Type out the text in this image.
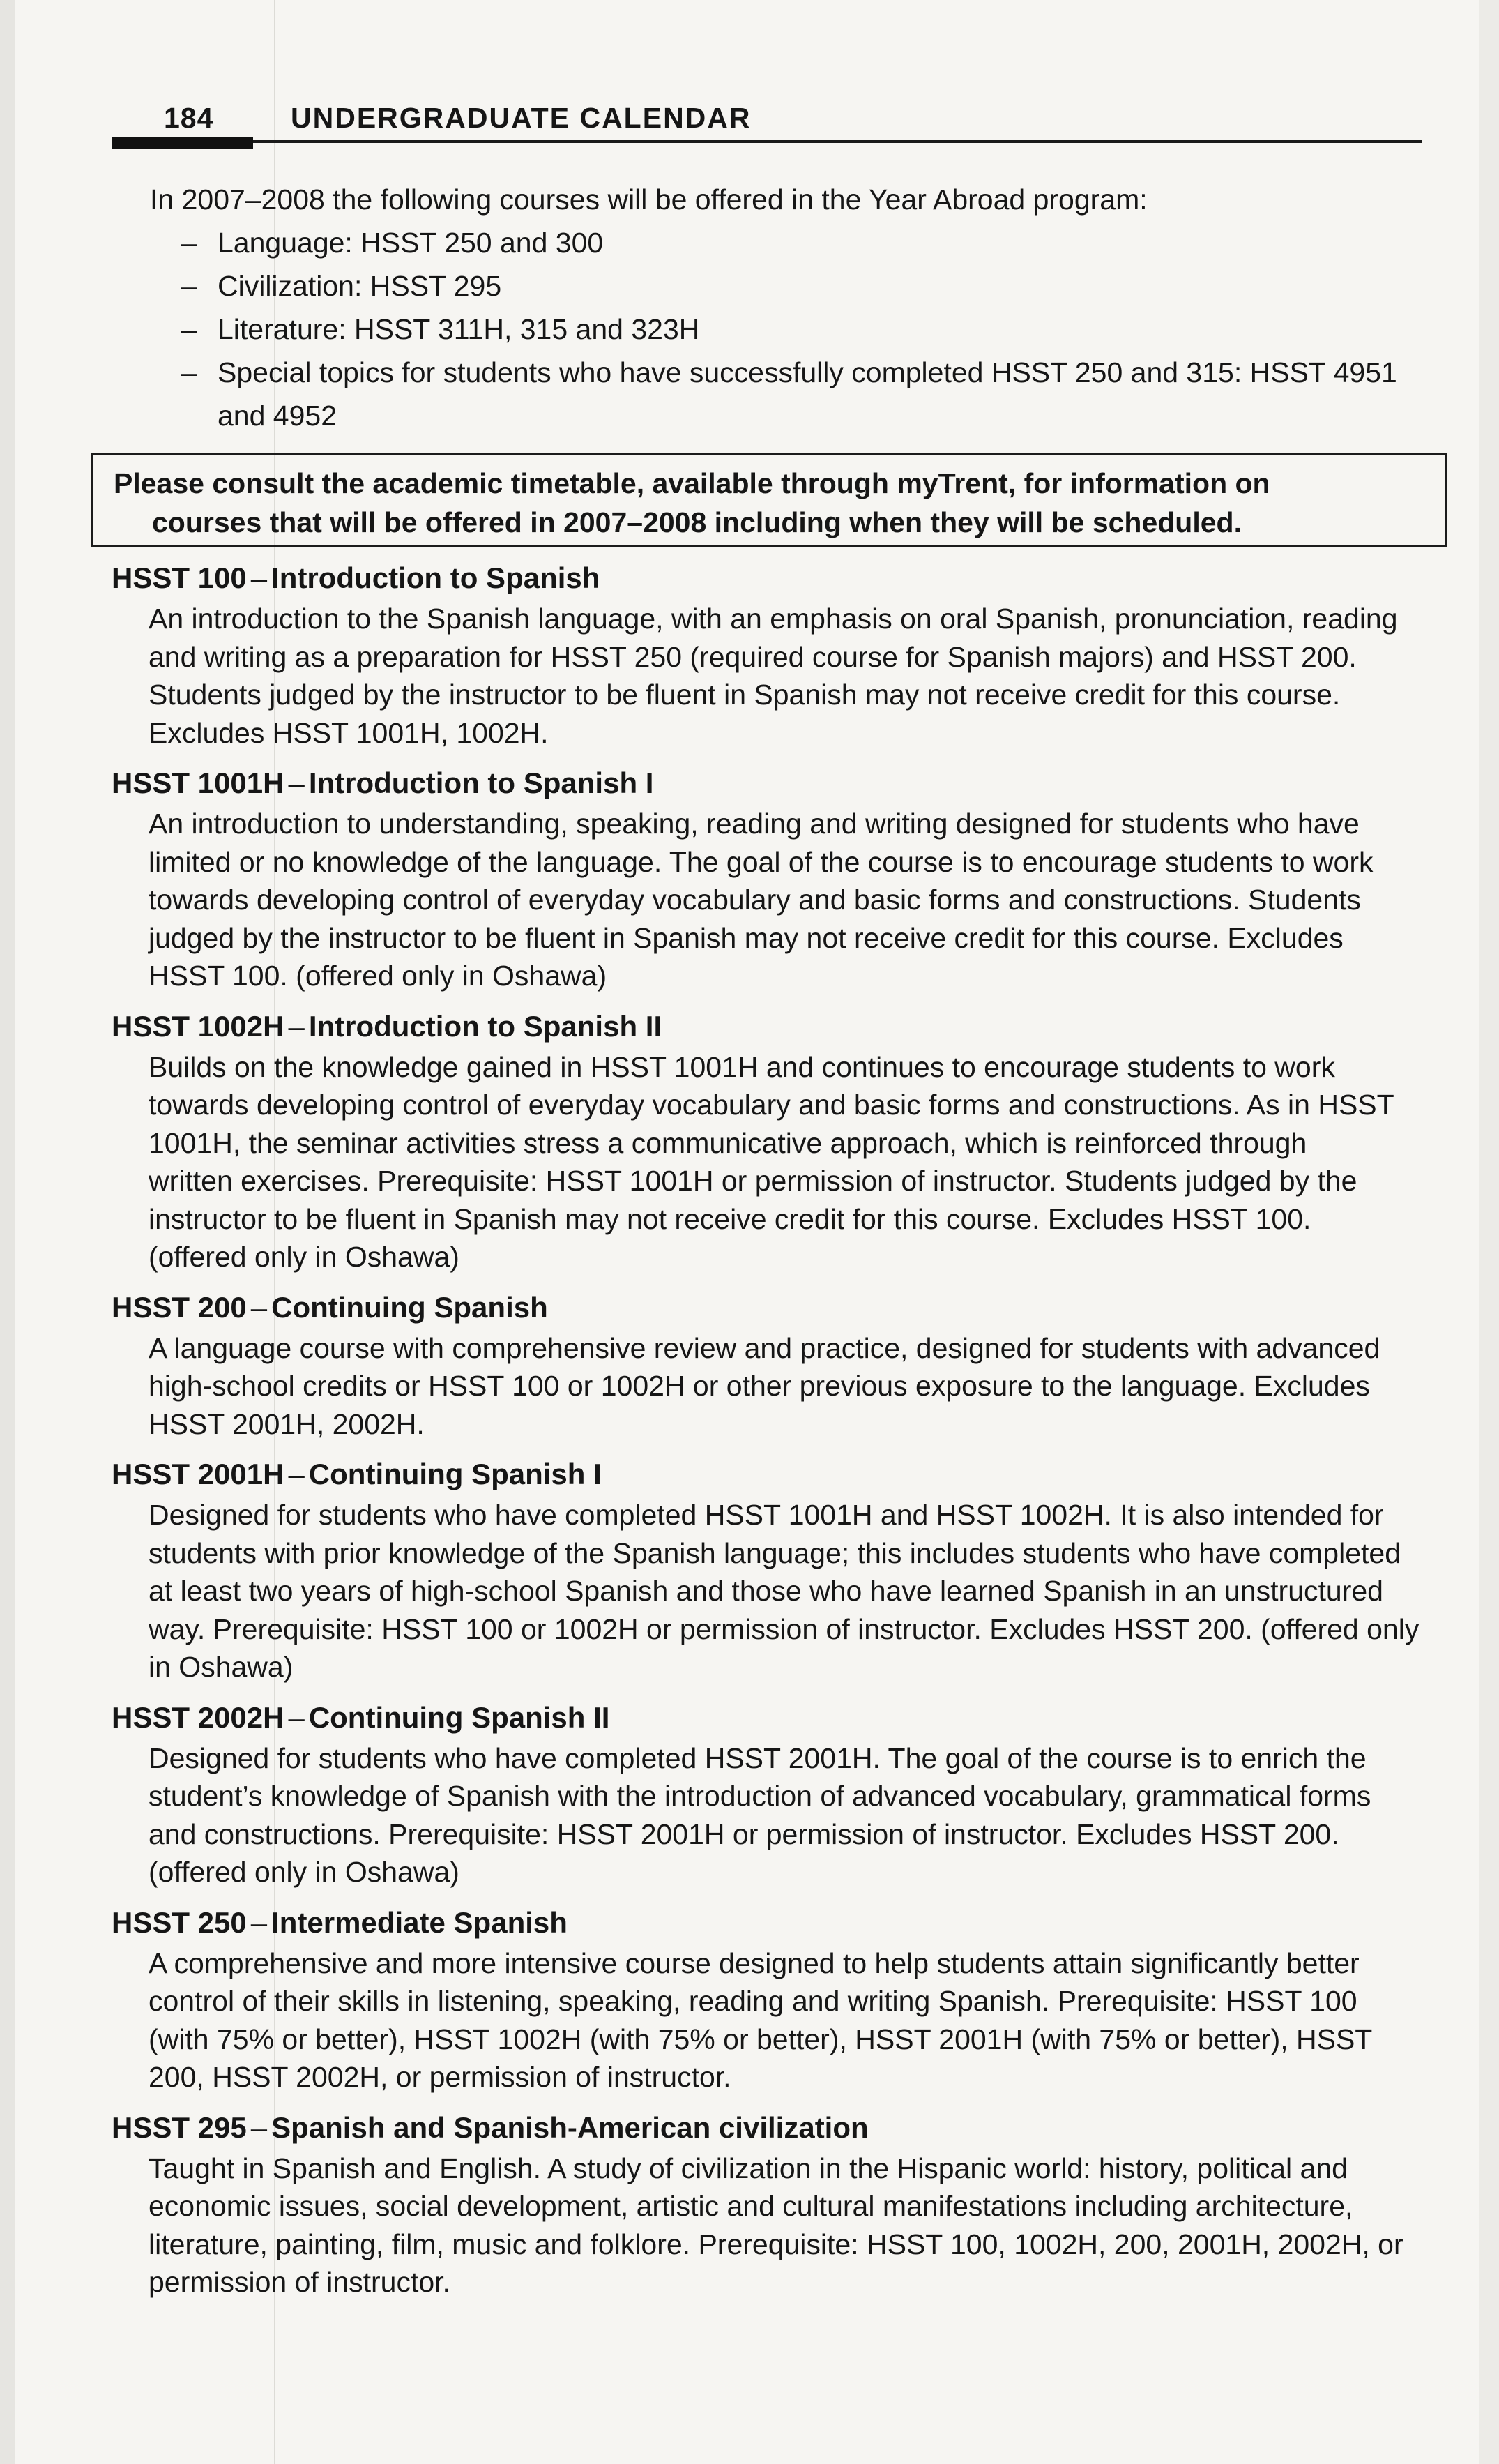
184	UNDERGRADUATE CALENDAR

In 2007–2008 the following courses will be offered in the Year Abroad program:

– Language: HSST 250 and 300
– Civilization: HSST 295
– Literature: HSST 311H, 315 and 323H
– Special topics for students who have successfully completed HSST 250 and 315: HSST 4951
and 4952
Please consult the academic timetable, available through myTrent, for information on
courses that will be offered in 2007–2008 including when they will be scheduled.
HSST 100 – Introduction to Spanish

An introduction to the Spanish language, with an emphasis on oral Spanish, pronunciation, reading
and writing as a preparation for HSST 250 (required course for Spanish majors) and HSST 200.
Students judged by the instructor to be fluent in Spanish may not receive credit for this course.
Excludes HSST 1001H, 1002H.

HSST 1001H – Introduction to Spanish I

An introduction to understanding, speaking, reading and writing designed for students who have
limited or no knowledge of the language. The goal of the course is to encourage students to work
towards developing control of everyday vocabulary and basic forms and constructions. Students
judged by the instructor to be fluent in Spanish may not receive credit for this course. Excludes
HSST 100. (offered only in Oshawa)

HSST 1002H – Introduction to Spanish II

Builds on the knowledge gained in HSST 1001H and continues to encourage students to work
towards developing control of everyday vocabulary and basic forms and constructions. As in HSST
1001H, the seminar activities stress a communicative approach, which is reinforced through
written exercises. Prerequisite: HSST 1001H or permission of instructor. Students judged by the
instructor to be fluent in Spanish may not receive credit for this course. Excludes HSST 100.
(offered only in Oshawa)

HSST 200 – Continuing Spanish

A language course with comprehensive review and practice, designed for students with advanced
high-school credits or HSST 100 or 1002H or other previous exposure to the language. Excludes
HSST 2001H, 2002H.

HSST 2001H – Continuing Spanish I

Designed for students who have completed HSST 1001H and HSST 1002H. It is also intended for
students with prior knowledge of the Spanish language; this includes students who have completed
at least two years of high-school Spanish and those who have learned Spanish in an unstructured
way. Prerequisite: HSST 100 or 1002H or permission of instructor. Excludes HSST 200. (offered only
in Oshawa)

HSST 2002H – Continuing Spanish II

Designed for students who have completed HSST 2001H. The goal of the course is to enrich the
student’s knowledge of Spanish with the introduction of advanced vocabulary, grammatical forms
and constructions. Prerequisite: HSST 2001H or permission of instructor. Excludes HSST 200.
(offered only in Oshawa)

HSST 250 – Intermediate Spanish

A comprehensive and more intensive course designed to help students attain significantly better
control of their skills in listening, speaking, reading and writing Spanish. Prerequisite: HSST 100
(with 75% or better), HSST 1002H (with 75% or better), HSST 2001H (with 75% or better), HSST
200, HSST 2002H, or permission of instructor.

HSST 295 – Spanish and Spanish-American civilization

Taught in Spanish and English. A study of civilization in the Hispanic world: history, political and
economic issues, social development, artistic and cultural manifestations including architecture,
literature, painting, film, music and folklore. Prerequisite: HSST 100, 1002H, 200, 2001H, 2002H, or
permission of instructor.
